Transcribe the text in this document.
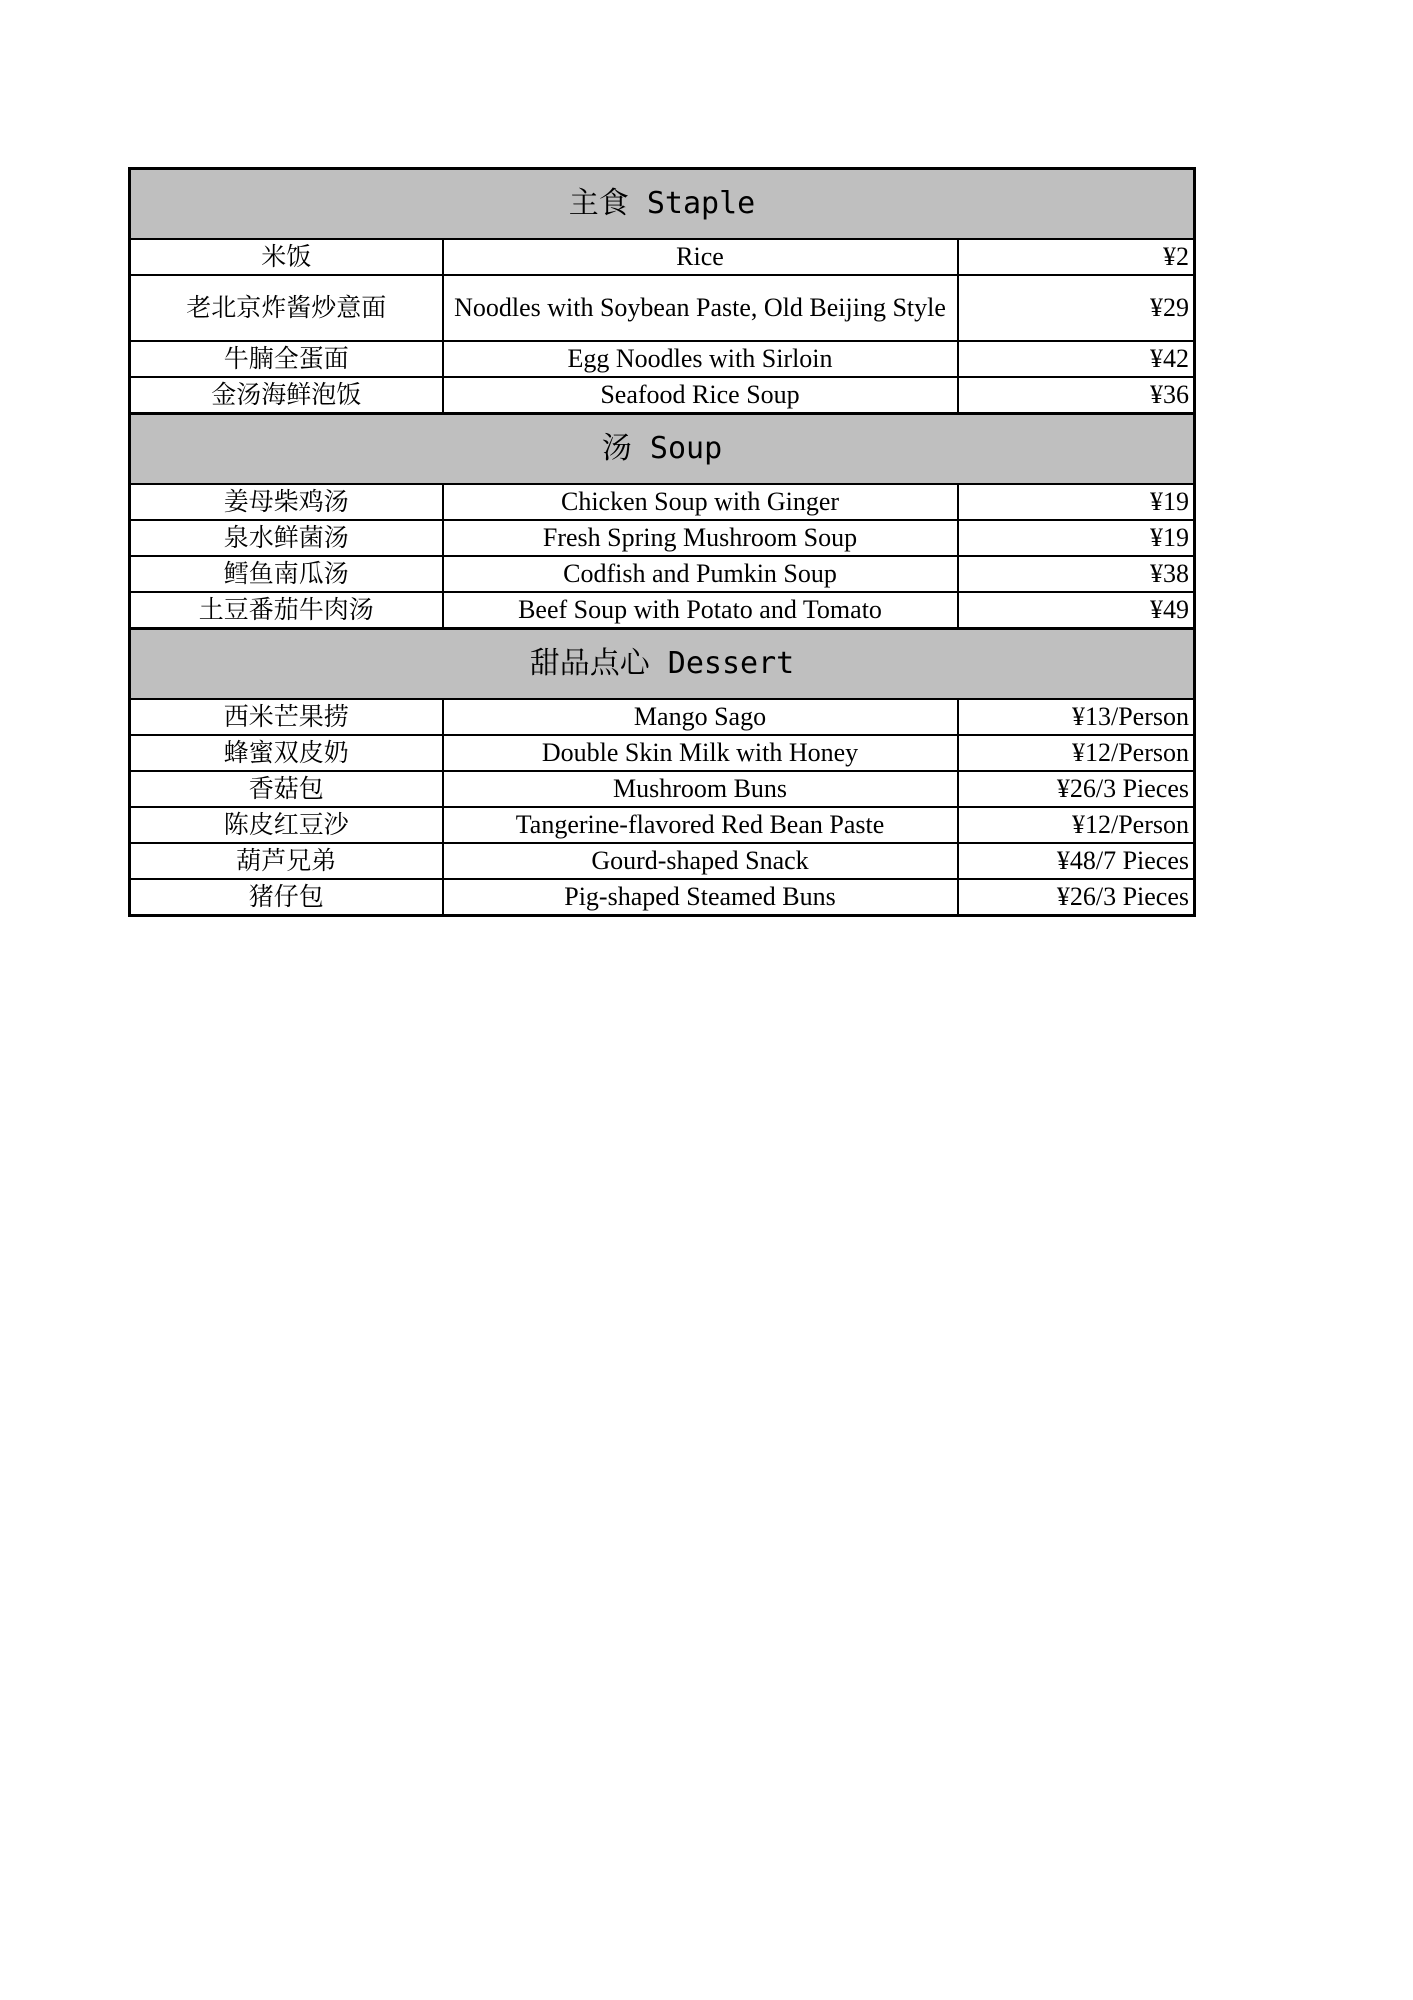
主食 Staple		
米饭	Rice	¥2
老北京炸酱炒意面	Noodles with Soybean Paste, Old Beijing Style	¥29
牛腩全蛋面	Egg Noodles with Sirloin	¥42
金汤海鲜泡饭	Seafood Rice Soup	¥36
汤 Soup		
姜母柴鸡汤	Chicken Soup with Ginger	¥19
泉水鲜菌汤	Fresh Spring Mushroom Soup	¥19
鳕鱼南瓜汤	Codfish and Pumkin Soup	¥38
土豆番茄牛肉汤	Beef Soup with Potato and Tomato	¥49
甜品点心 Dessert		
西米芒果捞	Mango Sago	¥13/Person
蜂蜜双皮奶	Double Skin Milk with Honey	¥12/Person
香菇包	Mushroom Buns	¥26/3 Pieces
陈皮红豆沙	Tangerine-flavored Red Bean Paste	¥12/Person
葫芦兄弟	Gourd-shaped Snack	¥48/7 Pieces
猪仔包	Pig-shaped Steamed Buns	¥26/3 Pieces
